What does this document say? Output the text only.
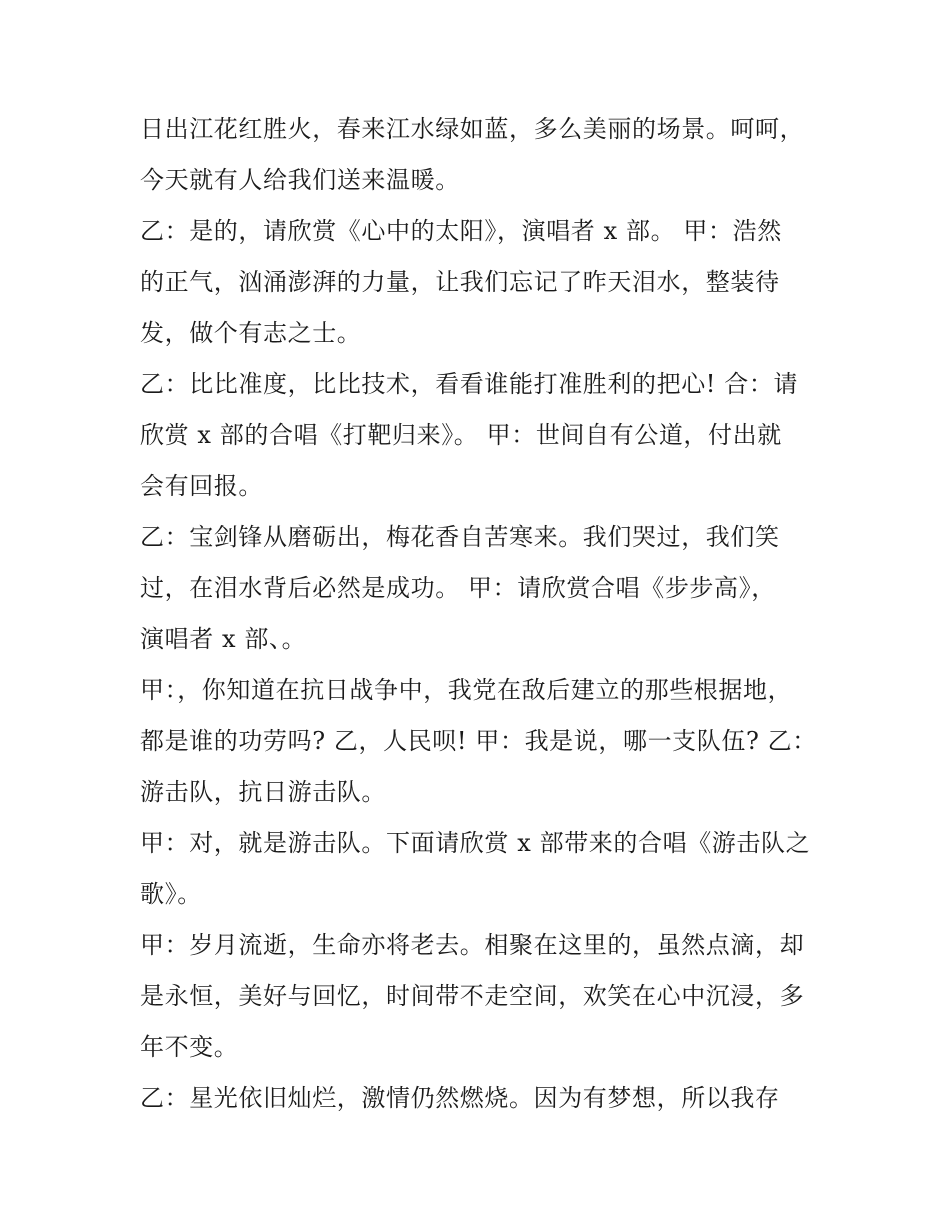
日出江花红胜火，春来江水绿如蓝，多么美丽的场景。呵呵，
今天就有人给我们送来温暖。
乙：是的，请欣赏《心中的太阳》，演唱者 x 部。 甲：浩然
的正气，汹涌澎湃的力量，让我们忘记了昨天泪水，整装待
发，做个有志之士。
乙：比比准度，比比技术，看看谁能打准胜利的把心! 合：请
欣赏 x 部的合唱《打靶归来》。 甲：世间自有公道，付出就
会有回报。
乙：宝剑锋从磨砺出，梅花香自苦寒来。我们哭过，我们笑
过，在泪水背后必然是成功。 甲：请欣赏合唱《步步高》，
演唱者 x 部、。
甲：，你知道在抗日战争中，我党在敌后建立的那些根据地，
都是谁的功劳吗? 乙，人民呗! 甲：我是说，哪一支队伍? 乙：
游击队，抗日游击队。
甲：对，就是游击队。下面请欣赏 x 部带来的合唱《游击队之
歌》。
甲：岁月流逝，生命亦将老去。相聚在这里的，虽然点滴，却
是永恒，美好与回忆，时间带不走空间，欢笑在心中沉浸，多
年不变。
乙：星光依旧灿烂，激情仍然燃烧。因为有梦想，所以我存
